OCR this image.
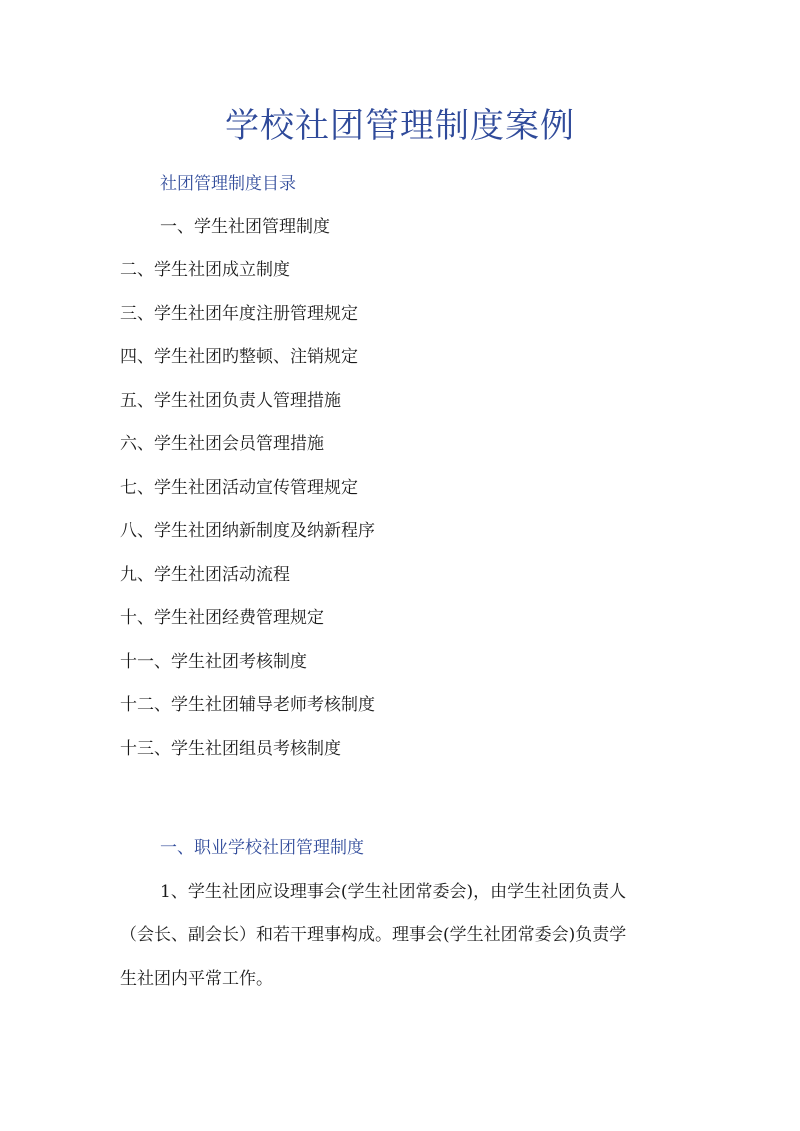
学校社团管理制度案例
社团管理制度目录
一、学生社团管理制度
二、学生社团成立制度
三、学生社团年度注册管理规定
四、学生社团旳整顿、注销规定
五、学生社团负责人管理措施
六、学生社团会员管理措施
七、学生社团活动宣传管理规定
八、学生社团纳新制度及纳新程序
九、学生社团活动流程
十、学生社团经费管理规定
十一、学生社团考核制度
十二、学生社团辅导老师考核制度
十三、学生社团组员考核制度
一、职业学校社团管理制度
1、学生社团应设理事会(学生社团常委会)，由学生社团负责人
（会长、副会长）和若干理事构成。理事会(学生社团常委会)负责学
生社团内平常工作。
